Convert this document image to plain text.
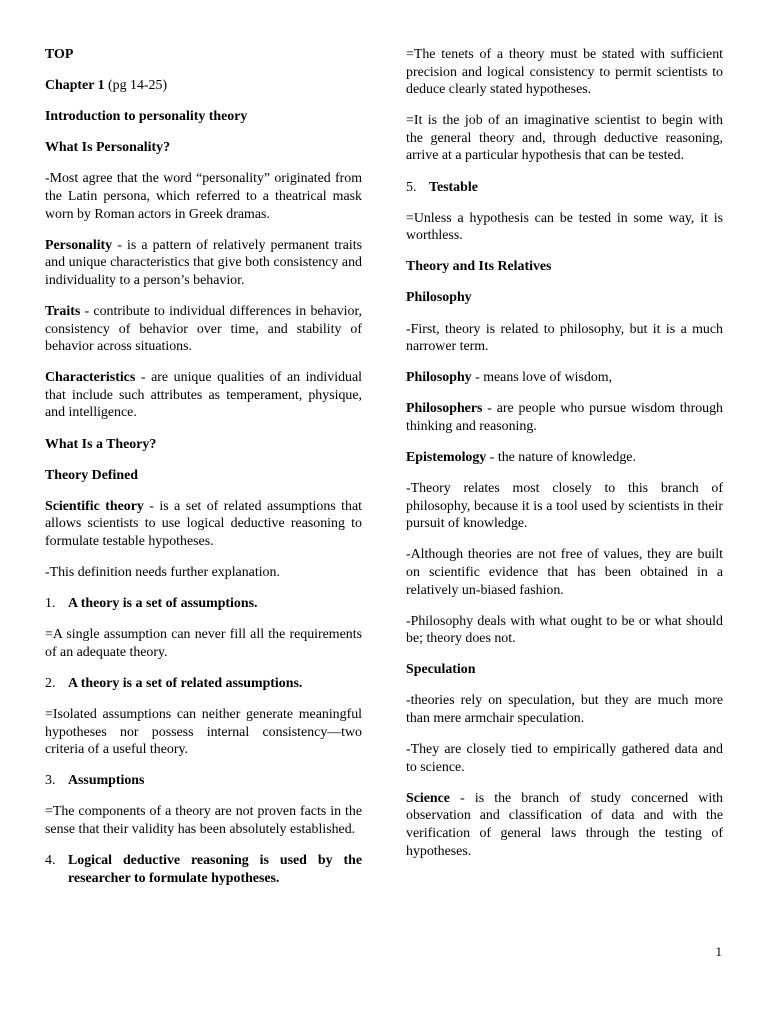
TOP

Chapter 1 (pg 14-25)

Introduction to personality theory

What Is Personality?

-Most agree that the word “personality” originated from the Latin persona, which referred to a theatrical mask worn by Roman actors in Greek dramas.

Personality - is a pattern of relatively permanent traits and unique characteristics that give both consistency and individuality to a person’s behavior.

Traits - contribute to individual differences in behavior, consistency of behavior over time, and stability of behavior across situations.

Characteristics - are unique qualities of an individual that include such attributes as temperament, physique, and intelligence.

What Is a Theory?

Theory Defined

Scientific theory - is a set of related assumptions that allows scientists to use logical deductive reasoning to formulate testable hypotheses.

-This definition needs further explanation.

1. A theory is a set of assumptions.

=A single assumption can never fill all the requirements of an adequate theory.

2. A theory is a set of related assumptions.

=Isolated assumptions can neither generate meaningful hypotheses nor possess internal consistency—two criteria of a useful theory.

3. Assumptions

=The components of a theory are not proven facts in the sense that their validity has been absolutely established.

4. Logical deductive reasoning is used by the researcher to formulate hypotheses.

=The tenets of a theory must be stated with sufficient precision and logical consistency to permit scientists to deduce clearly stated hypotheses.

=It is the job of an imaginative scientist to begin with the general theory and, through deductive reasoning, arrive at a particular hypothesis that can be tested.

5. Testable

=Unless a hypothesis can be tested in some way, it is worthless.

Theory and Its Relatives

Philosophy

-First, theory is related to philosophy, but it is a much narrower term.

Philosophy - means love of wisdom,

Philosophers - are people who pursue wisdom through thinking and reasoning.

Epistemology - the nature of knowledge.

-Theory relates most closely to this branch of philosophy, because it is a tool used by scientists in their pursuit of knowledge.

-Although theories are not free of values, they are built on scientific evidence that has been obtained in a relatively un-biased fashion.

-Philosophy deals with what ought to be or what should be; theory does not.

Speculation

-theories rely on speculation, but they are much more than mere armchair speculation.

-They are closely tied to empirically gathered data and to science.

Science - is the branch of study concerned with observation and classification of data and with the verification of general laws through the testing of hypotheses.

1
